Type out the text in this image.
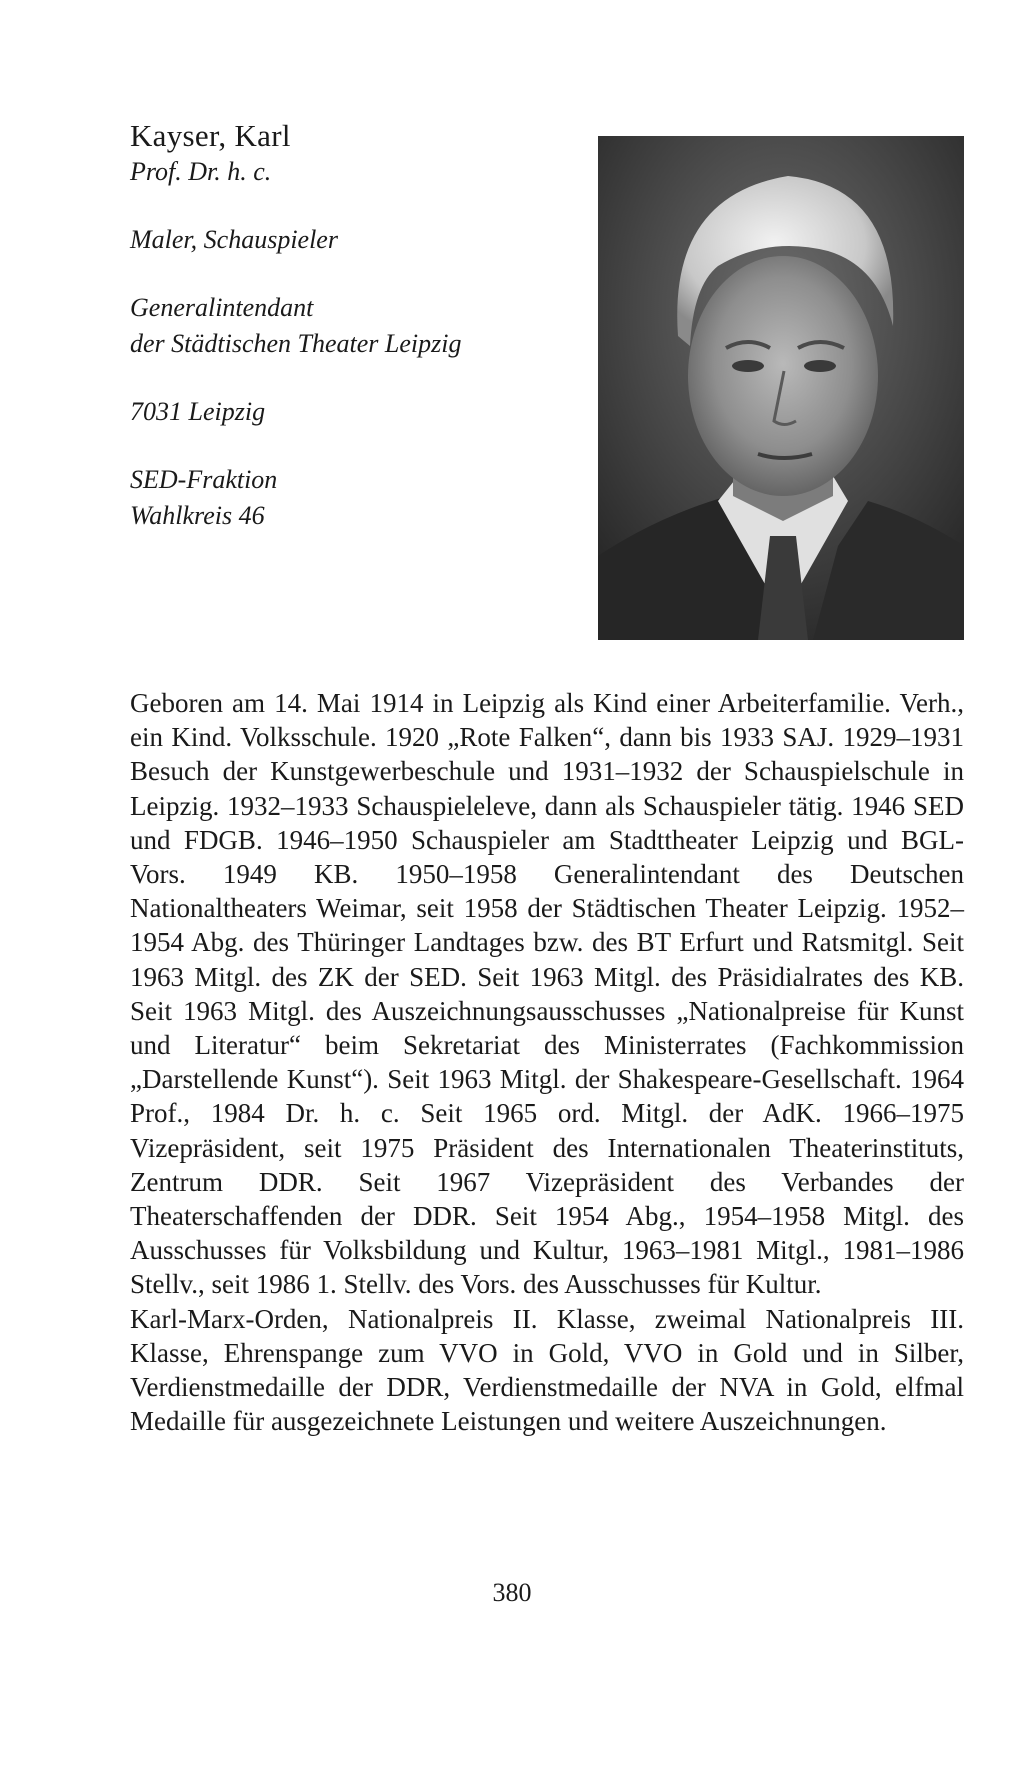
Kayser, Karl

Prof. Dr. h. c.

Maler, Schauspieler

Generalintendant

der Städtischen Theater Leipzig

7031 Leipzig

SED-Fraktion

Wahlkreis 46

Geboren am 14. Mai 1914 in Leipzig als Kind einer Arbeiterfamilie. Verh., ein Kind. Volksschule. 1920 „Rote Falken“, dann bis 1933 SAJ. 1929–1931 Besuch der Kunstgewerbeschule und 1931–1932 der Schauspielschule in Leipzig. 1932–1933 Schauspieleleve, dann als Schauspieler tätig. 1946 SED und FDGB. 1946–1950 Schauspieler am Stadttheater Leipzig und BGL-Vors. 1949 KB. 1950–1958 Generalintendant des Deutschen Nationaltheaters Weimar, seit 1958 der Städtischen Theater Leipzig. 1952–1954 Abg. des Thüringer Landtages bzw. des BT Erfurt und Ratsmitgl. Seit 1963 Mitgl. des ZK der SED. Seit 1963 Mitgl. des Präsidialrates des KB. Seit 1963 Mitgl. des Auszeichnungsausschusses „Nationalpreise für Kunst und Literatur“ beim Sekretariat des Ministerrates (Fachkommission „Darstellende Kunst“). Seit 1963 Mitgl. der Shakespeare-Gesellschaft. 1964 Prof., 1984 Dr. h. c. Seit 1965 ord. Mitgl. der AdK. 1966–1975 Vizepräsident, seit 1975 Präsident des Internationalen Theaterinstituts, Zentrum DDR. Seit 1967 Vizepräsident des Verbandes der Theaterschaffenden der DDR. Seit 1954 Abg., 1954–1958 Mitgl. des Ausschusses für Volksbildung und Kultur, 1963–1981 Mitgl., 1981–1986 Stellv., seit 1986 1. Stellv. des Vors. des Ausschusses für Kultur.

Karl-Marx-Orden, Nationalpreis II. Klasse, zweimal Nationalpreis III. Klasse, Ehrenspange zum VVO in Gold, VVO in Gold und in Silber, Verdienstmedaille der DDR, Verdienstmedaille der NVA in Gold, elfmal Medaille für ausgezeichnete Leistungen und weitere Auszeichnungen.

380
